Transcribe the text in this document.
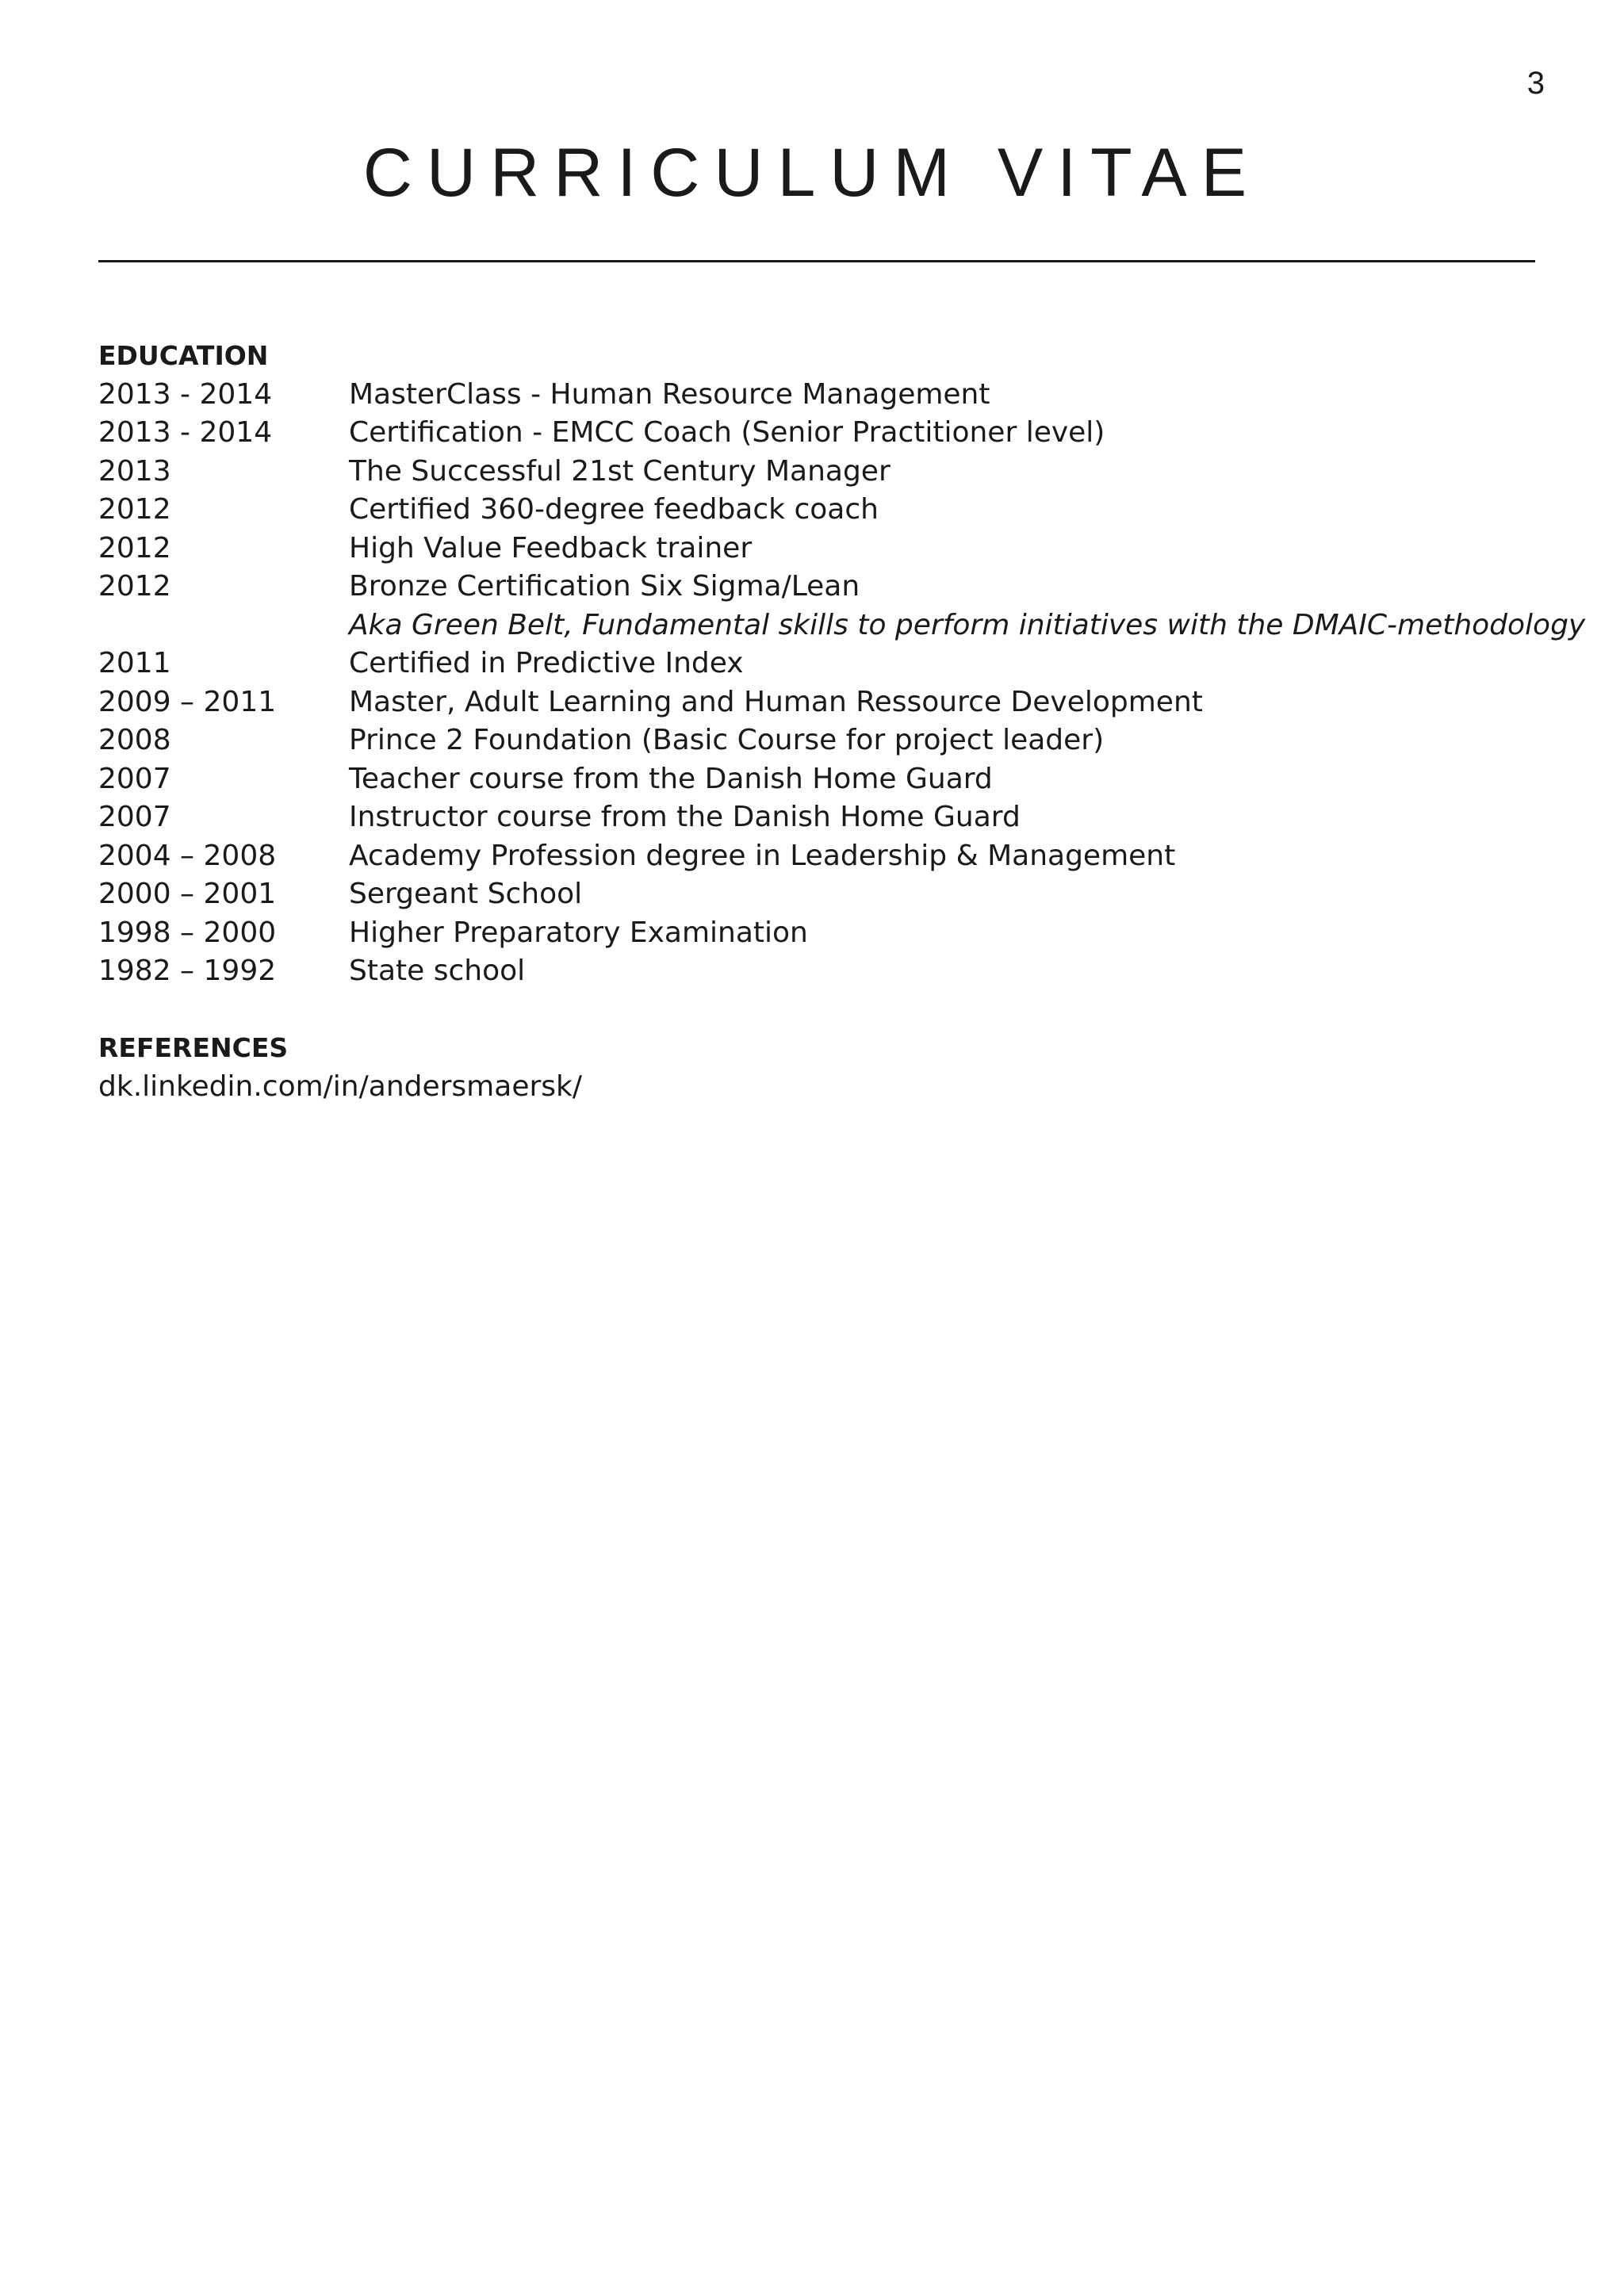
3
CURRICULUM VITAE
EDUCATION
2013 - 2014	MasterClass - Human Resource Management
2013 - 2014	Certification - EMCC Coach (Senior Practitioner level)
2013	The Successful 21st Century Manager
2012	Certified 360-degree feedback coach
2012	High Value Feedback trainer
2012	Bronze Certification Six Sigma/Lean
Aka Green Belt, Fundamental skills to perform initiatives with the DMAIC-methodology
2011	Certified in Predictive Index
2009 – 2011	Master, Adult Learning and Human Ressource Development
2008	Prince 2 Foundation (Basic Course for project leader)
2007	Teacher course from the Danish Home Guard
2007	Instructor course from the Danish Home Guard
2004 – 2008	Academy Profession degree in Leadership & Management
2000 – 2001	Sergeant School
1998 – 2000	Higher Preparatory Examination
1982 – 1992	State school
REFERENCES
dk.linkedin.com/in/andersmaersk/
